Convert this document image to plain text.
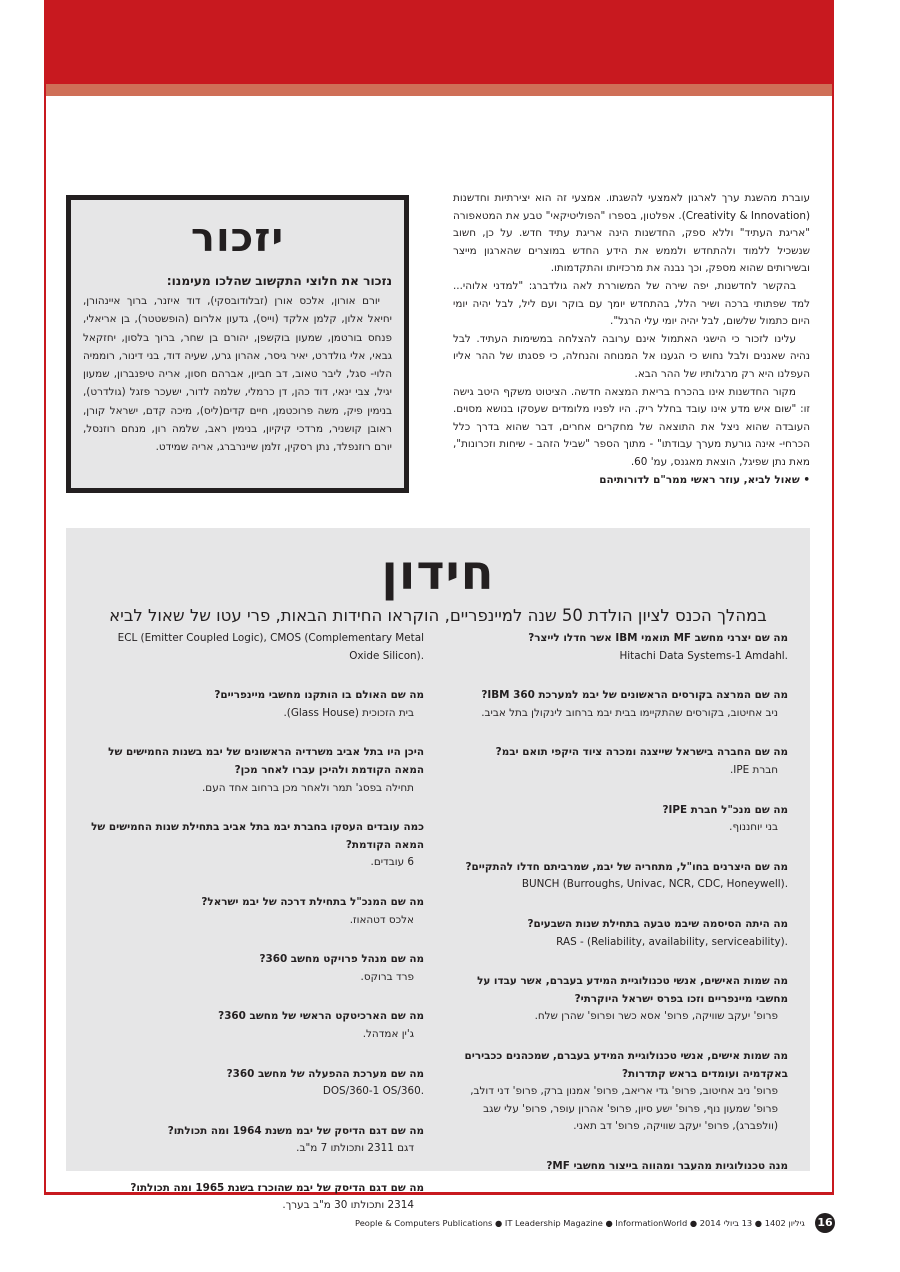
עוברת מהשגת ערך לארגון לאמצעי להשגתו. אמצעי זה הוא יצירתיות וחדשנות (Creativity & Innovation). אפלטון, בספרו "הפוליטיקאי" טבע את המטאפורה "אריגת העתיד" וללא ספק, החדשנות הינה אריגת עתיד חדש. על כן, חשוב שנשכיל ללמוד ולהתחדש ולממש את הידע החדש במוצרים שהארגון מייצר ובשירותים שהוא מספק, וכך נבנה את מרכזיותו והתקדמותו.

בהקשר לחדשנות, יפה שירה של המשוררת לאה גולדברג: "למדני אלוהי... למד שפתותי ברכה ושיר הלל, בהתחדש יומך עם בוקר ועם ליל, לבל יהיה יומי היום כתמול שלשום, לבל יהיה יומי עלי הרגל".

עלינו לזכור כי הישגי האתמול אינם ערובה להצלחה במשימות העתיד. לבל נהיה שאננים ולבל נחוש כי הגענו אל המנוחה והנחלה, כי פסגתו של ההר אליו העפלנו היא רק מרגלותיו של ההר הבא.

מקור החדשנות אינו בהכרח בריאת המצאה חדשה. הציטוט משקף היטב גישה זו: "שום איש מדע אינו עובד בחלל ריק. היו לפניו מלומדים שעסקו בנושא מסוים. העובדה שהוא ניצל את התוצאה של מחקרים אחרים, דבר שהוא בדרך כלל הכרחי- אינה גורעת מערך עבודתו" - מתוך הספר "שביל הזהב - שיחות וזכרונות", מאת נתן שפיגל, הוצאת מאגנס, עמ' 60.

• שאול לביא, עוזר ראשי ממר"ם לדורותיהם

יזכור
נזכור את חלוצי התקשוב שהלכו מעימנו:
יורם אורון, אלכס אורן (זבלודובסקי), דוד איזנר, ברוך איינהורן, יחיאל אלון, קלמן אלקד (וייס), גדעון אלרום (הופשטטר), בן אריאלי, פנחס בורטמן, שמעון בוקשפן, יהורם בן שחר, ברוך בלסון, יחזקאל גבאי, אלי גולדרט, יאיר גיסר, אהרון גרע, שעיה דוד, בני דינור, רוממיה הלוי- סגל, ליבר טאוב, דב חביון, אברהם חסון, אריה טיפנברון, שמעון יגיל, צבי ינאי, דוד כהן, דן כרמלי, שלמה לדור, ישעכר פזגל (גולדרט), בנימין פיק, משה פרוכטמן, חיים קדים(ליס), מיכה קדם, ישראל קורן, ראובן קושניר, מרדכי קיקיון, בנימין ראב, שלמה רון, מנחם רוזנסל, יורם רוזנפלד, נתן רסקין, זלמן שיינרברג, אריה שמידט.
חידון
במהלך הכנס לציון הולדת 50 שנה למיינפריים, הוקראו החידות הבאות, פרי עטו של שאול לביא
מה שם יצרני מחשב MF תואמי IBM אשר חדלו לייצר?
Hitachi Data Systems-1 Amdahl.
מה שם המרצה בקורסים הראשונים של יבמ למערכת IBM 360?
ניב אחיטוב, בקורסים שהתקיימו בבית יבמ ברחוב לינקולן בתל אביב.
מה שם החברה בישראל שייצגה ומכרה ציוד היקפי תואם יבמ?
חברת IPE.
מה שם מנכ"ל חברת IPE?
בני יוחננוף.
מה שם היצרנים בחו"ל, מתחריה של יבמ, שמרביתם חדלו להתקיים?
BUNCH (Burroughs, Univac, NCR, CDC, Honeywell).
מה היתה הסיסמה שיבמ טבעה בתחילת שנות השבעים?
RAS - (Reliability, availability, serviceability).
מה שמות האישים, אנשי טכנולוגיית המידע בעברם, אשר עבדו על מחשבי מיינפריים וזכו בפרס ישראל היוקרתי?
פרופ' יעקב שוויקה, פרופ' אסא כשר ופרופ' שהרן שלח.
מה שמות אישים, אנשי טכנולוגיית המידע בעברם, שמכהנים ככבירים באקדמיה ועומדים בראש קתדרות?
פרופ' ניב אחיטוב, פרופ' גדי אריאב, פרופ' אמנון ברק, פרופ' דני דולב, פרופ' שמעון נוף, פרופ' ישע סיון, פרופ' אהרון עופר, פרופ' עלי שגב (וולפברג), פרופ' יעקב שוויקה, פרופ' דב תאני.
מנה טכנולוגיות מהעבר ומהווה בייצור מחשבי MF?
ECL (Emitter Coupled Logic), CMOS (Complementary Metal Oxide Silicon).
מה שם האולם בו הותקנו מחשבי מיינפריים?
בית הזכוכית (Glass House).
היכן היו בתל אביב משרדיה הראשונים של יבמ בשנות החמישים של המאה הקודמת ולהיכן עברו לאחר מכן?
תחילה בפסג' תמר ולאחר מכן ברחוב אחד העם.
כמה עובדים העסקו בחברת יבמ בתל אביב בתחילת שנות החמישים של המאה הקודמת?
6 עובדים.
מה שם המנכ"ל בתחילת דרכה של יבמ ישראל?
אלכס דטהאוז.
מה שם מנהל פרויקט מחשב 360?
פרד ברוקס.
מה שם הארכיטקט הראשי של מחשב 360?
ג'ין אמדהל.
מה שם מערכת ההפעלה של מחשב 360?
DOS/360-1 OS/360.
מה שם דגם הדיסק של יבמ משנת 1964 ומה תכולתו?
דגם 2311 ותכולתו 7 מ"ב.
מה שם דגם הדיסק של יבמ שהוכרז בשנת 1965 ומה תכולתו?
2314 ותכולתו 30 מ"ב בערך.
People & Computers Publications ● IT Leadership Magazine ● InformationWorld ● 2014 גיליון 1402 ● 13 ביולי 16
